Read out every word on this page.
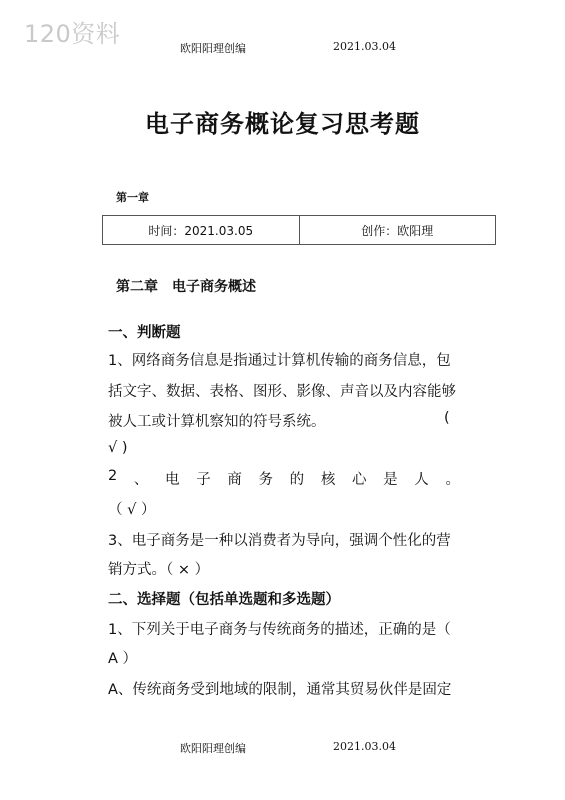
120资料
欧阳阳理创编	2021.03.04
电子商务概论复习思考题
第一章
时间：2021.03.05	创作：欧阳理
第二章 电子商务概述
一、判断题
1、网络商务信息是指通过计算机传输的商务信息，包
括文字、数据、表格、图形、影像、声音以及内容能够
被人工或计算机察知的符号系统。	(
√ )
2 、 电 子 商 务 的 核 心 是 人 。
（ √ ）
3、电子商务是一种以消费者为导向，强调个性化的营
销方式。（ × ）
二、选择题（包括单选题和多选题）
1、下列关于电子商务与传统商务的描述，正确的是（
A ）
A、传统商务受到地域的限制，通常其贸易伙伴是固定
欧阳阳理创编	2021.03.04
